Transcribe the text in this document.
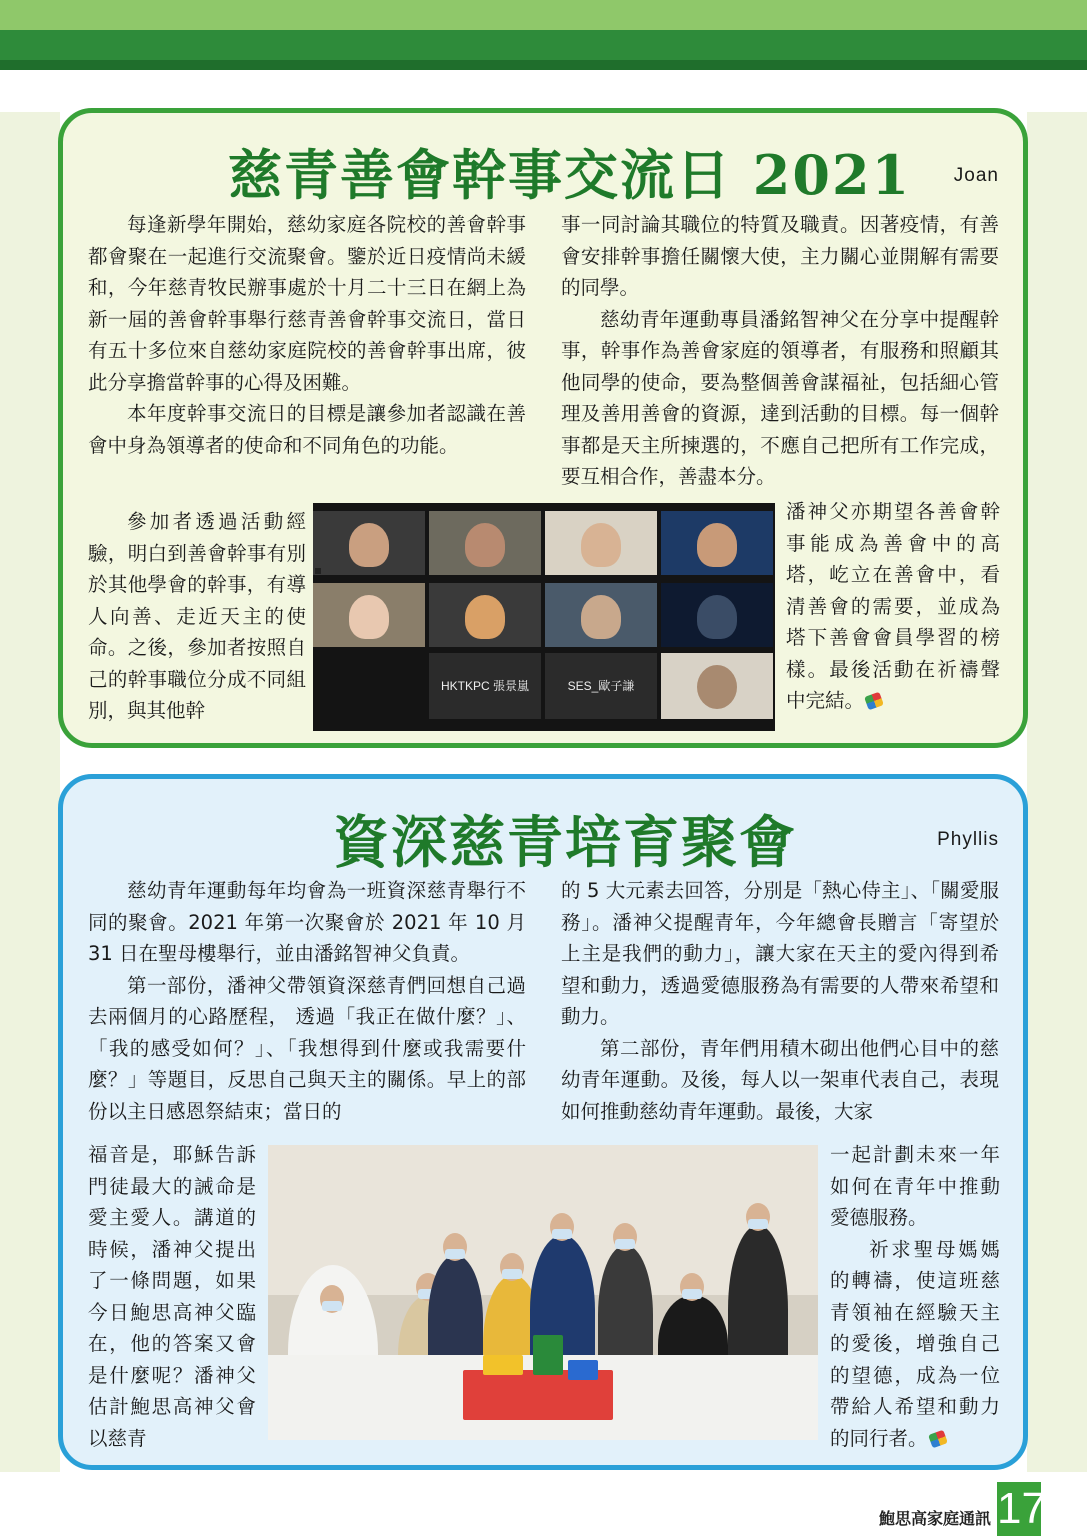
慈青善會幹事交流日 2021 Joan

每逢新學年開始，慈幼家庭各院校的善會幹事都會聚在一起進行交流聚會。鑒於近日疫情尚未緩和，今年慈青牧民辦事處於十月二十三日在網上為新一屆的善會幹事舉行慈青善會幹事交流日，當日有五十多位來自慈幼家庭院校的善會幹事出席，彼此分享擔當幹事的心得及困難。

本年度幹事交流日的目標是讓參加者認識在善會中身為領導者的使命和不同角色的功能。

事一同討論其職位的特質及職責。因著疫情，有善會安排幹事擔任關懷大使，主力關心並開解有需要的同學。

慈幼青年運動專員潘銘智神父在分享中提醒幹事，幹事作為善會家庭的領導者，有服務和照顧其他同學的使命，要為整個善會謀福祉，包括細心管理及善用善會的資源，達到活動的目標。每一個幹事都是天主所揀選的，不應自己把所有工作完成，要互相合作，善盡本分。

參加者透過活動經驗，明白到善會幹事有別於其他學會的幹事，有導人向善、走近天主的使命。之後，參加者按照自己的幹事職位分成不同組別，與其他幹

HKTKPC 張景嵐	SES_歐子謙

潘神父亦期望各善會幹事能成為善會中的高塔，屹立在善會中，看清善會的需要，並成為塔下善會會員學習的榜樣。最後活動在祈禱聲中完結。

資深慈青培育聚會	Phyllis

慈幼青年運動每年均會為一班資深慈青舉行不同的聚會。2021 年第一次聚會於 2021 年 10 月 31 日在聖母樓舉行，並由潘銘智神父負責。

第一部份，潘神父帶領資深慈青們回想自己過去兩個月的心路歷程， 透過「我正在做什麼？」、「我的感受如何？」、「我想得到什麼或我需要什麼？」等題目，反思自己與天主的關係。早上的部份以主日感恩祭結束；當日的

的 5 大元素去回答，分別是「熱心侍主」、「關愛服務」。潘神父提醒青年，今年總會長贈言「寄望於上主是我們的動力」，讓大家在天主的愛內得到希望和動力，透過愛德服務為有需要的人帶來希望和動力。

第二部份，青年們用積木砌出他們心目中的慈幼青年運動。及後，每人以一架車代表自己，表現如何推動慈幼青年運動。最後，大家

福音是，耶穌告訴門徒最大的誡命是愛主愛人。講道的時候，潘神父提出了一條問題，如果今日鮑思高神父臨在，他的答案又會是什麼呢？潘神父估計鮑思高神父會以慈青

一起計劃未來一年如何在青年中推動愛德服務。

祈求聖母媽媽的轉禱，使這班慈青領袖在經驗天主的愛後，增強自己的望德，成為一位帶給人希望和動力的同行者。

鮑思高家庭通訊 17
